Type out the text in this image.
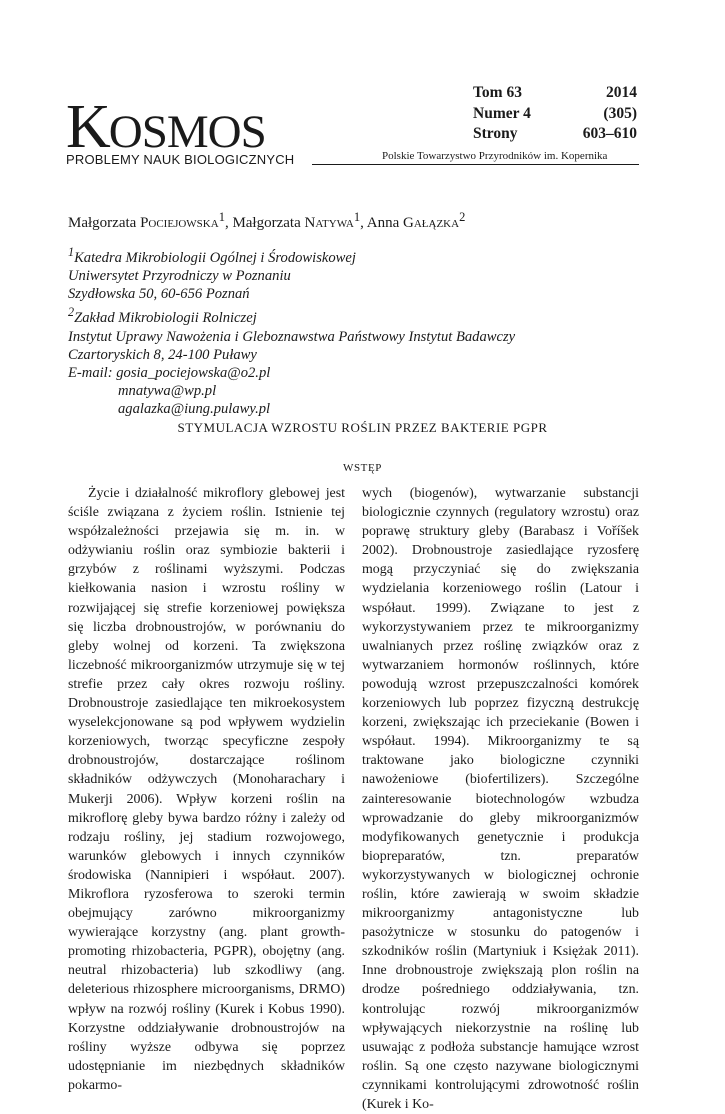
KOSMOS
PROBLEMY NAUK BIOLOGICZNYCH	Polskie Towarzystwo Przyrodników im. Kopernika
Tom 63	2014
Numer 4	(305)
Strony	603–610
Małgorzata Pociejowska$^1$, Małgorzata Natywa$^1$, Anna Gałązka$^2$
$^1$Katedra Mikrobiologii Ogólnej i Środowiskowej
Uniwersytet Przyrodniczy w Poznaniu
Szydłowska 50, 60-656 Poznań
$^2$Zakład Mikrobiologii Rolniczej
Instytut Uprawy Nawożenia i Gleboznawstwa Państwowy Instytut Badawczy
Czartoryskich 8, 24-100 Puławy
E-mail: gosia_pociejowska@o2.pl
mnatywa@wp.pl
agalazka@iung.pulawy.pl
STYMULACJA WZROSTU ROŚLIN PRZEZ BAKTERIE PGPR
WSTĘP

Życie i działalność mikroflory glebowej jest ściśle związana z życiem roślin. Istnienie tej współzależności przejawia się m. in. w odżywianiu roślin oraz symbiozie bakterii i grzybów z roślinami wyższymi. Podczas kiełkowania nasion i wzrostu rośliny w rozwijającej się strefie korzeniowej powiększa się liczba drobnoustrojów, w porównaniu do gleby wolnej od korzeni. Ta zwiększona liczebność mikroorganizmów utrzymuje się w tej strefie przez cały okres rozwoju rośliny. Drobnoustroje zasiedlające ten mikroekosystem wyselekcjonowane są pod wpływem wydzielin korzeniowych, tworząc specyficzne zespoły drobnoustrojów, dostarczające roślinom składników odżywczych (Monoharachary i Mukerji 2006). Wpływ korzeni roślin na mikroflorę gleby bywa bardzo różny i zależy od rodzaju rośliny, jej stadium rozwojowego, warunków glebowych i innych czynników środowiska (Nannipieri i współaut. 2007). Mikroflora ryzosferowa to szeroki termin obejmujący zarówno mikroorganizmy wywierające korzystny (ang. plant growth-promoting rhizobacteria, PGPR), obojętny (ang. neutral rhizobacteria) lub szkodliwy (ang. deleterious rhizosphere microorganisms, DRMO) wpływ na rozwój rośliny (Kurek i Kobus 1990). Korzystne oddziaływanie drobnoustrojów na rośliny wyższe odbywa się poprzez udostępnianie im niezbędnych składników pokarmo-

wych (biogenów), wytwarzanie substancji biologicznie czynnych (regulatory wzrostu) oraz poprawę struktury gleby (Barabasz i Voříšek 2002). Drobnoustroje zasiedlające ryzosferę mogą przyczyniać się do zwiększania wydzielania korzeniowego roślin (Latour i współaut. 1999). Związane to jest z wykorzystywaniem przez te mikroorganizmy uwalnianych przez roślinę związków oraz z wytwarzaniem hormonów roślinnych, które powodują wzrost przepuszczalności komórek korzeniowych lub poprzez fizyczną destrukcję korzeni, zwiększając ich przeciekanie (Bowen i współaut. 1994). Mikroorganizmy te są traktowane jako biologiczne czynniki nawożeniowe (biofertilizers). Szczególne zainteresowanie biotechnologów wzbudza wprowadzanie do gleby mikroorganizmów modyfikowanych genetycznie i produkcja biopreparatów, tzn. preparatów wykorzystywanych w biologicznej ochronie roślin, które zawierają w swoim składzie mikroorganizmy antagonistyczne lub pasożytnicze w stosunku do patogenów i szkodników roślin (Martyniuk i Księżak 2011). Inne drobnoustroje zwiększają plon roślin na drodze pośredniego oddziaływania, tzn. kontrolując rozwój mikroorganizmów wpływających niekorzystnie na roślinę lub usuwając z podłoża substancje hamujące wzrost roślin. Są one często nazywane biologicznymi czynnikami kontrolującymi zdrowotność roślin (Kurek i Ko-
